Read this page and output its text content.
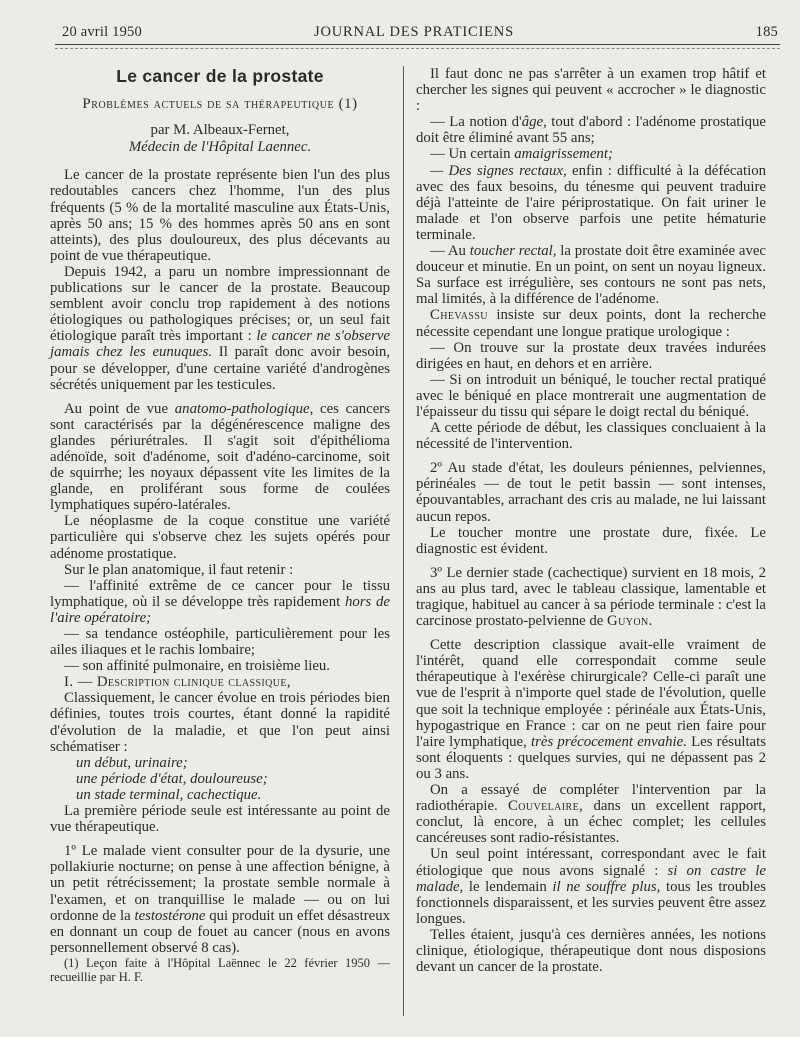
20 avril 1950	JOURNAL DES PRATICIENS	185
Le cancer de la prostate
Problèmes actuels de sa thérapeutique (1)
par M. Albeaux-Fernet,
Médecin de l'Hôpital Laennec.

Le cancer de la prostate représente bien l'un des plus redoutables cancers chez l'homme, l'un des plus fréquents (5 % de la mortalité masculine aux États-Unis, après 50 ans; 15 % des hommes après 50 ans en sont atteints), des plus douloureux, des plus décevants au point de vue thérapeutique.

Depuis 1942, a paru un nombre impressionnant de publications sur le cancer de la prostate. Beaucoup semblent avoir conclu trop rapidement à des notions étiologiques ou pathologiques précises; or, un seul fait étiologique paraît très important : le cancer ne s'observe jamais chez les eunuques. Il paraît donc avoir besoin, pour se développer, d'une certaine variété d'androgènes sécrétés uniquement par les testicules.

Au point de vue anatomo-pathologique, ces cancers sont caractérisés par la dégénérescence maligne des glandes périurétrales. Il s'agit soit d'épithélioma adénoïde, soit d'adénome, soit d'adéno-carcinome, soit de squirrhe; les noyaux dépassent vite les limites de la glande, en proliférant sous forme de coulées lymphatiques supéro-latérales.

Le néoplasme de la coque constitue une variété particulière qui s'observe chez les sujets opérés pour adénome prostatique.

Sur le plan anatomique, il faut retenir :

— l'affinité extrême de ce cancer pour le tissu lymphatique, où il se développe très rapidement hors de l'aire opératoire;

— sa tendance ostéophile, particulièrement pour les ailes iliaques et le rachis lombaire;

— son affinité pulmonaire, en troisième lieu.

I. — Description clinique classique,

Classiquement, le cancer évolue en trois périodes bien définies, toutes trois courtes, étant donné la rapidité d'évolution de la maladie, et que l'on peut ainsi schématiser :

un début, urinaire;

une période d'état, douloureuse;

un stade terminal, cachectique.

La première période seule est intéressante au point de vue thérapeutique.

1º Le malade vient consulter pour de la dysurie, une pollakiurie nocturne; on pense à une affection bénigne, à un petit rétrécissement; la prostate semble normale à l'examen, et on tranquillise le malade — ou on lui ordonne de la testostérone qui produit un effet désastreux en donnant un coup de fouet au cancer (nous en avons personnellement observé 8 cas).

(1) Leçon faite à l'Hôpital Laënnec le 22 février 1950 — recueillie par H. F.

Il faut donc ne pas s'arrêter à un examen trop hâtif et chercher les signes qui peuvent « accrocher » le diagnostic :

— La notion d'âge, tout d'abord : l'adénome prostatique doit être éliminé avant 55 ans;

— Un certain amaigrissement;

— Des signes rectaux, enfin : difficulté à la défécation avec des faux besoins, du ténesme qui peuvent traduire déjà l'atteinte de l'aire périprostatique. On fait uriner le malade et l'on observe parfois une petite hématurie terminale.

— Au toucher rectal, la prostate doit être examinée avec douceur et minutie. En un point, on sent un noyau ligneux. Sa surface est irrégulière, ses contours ne sont pas nets, mal limités, à la différence de l'adénome.

Chevassu insiste sur deux points, dont la recherche nécessite cependant une longue pratique urologique :

— On trouve sur la prostate deux travées indurées dirigées en haut, en dehors et en arrière.

— Si on introduit un béniqué, le toucher rectal pratiqué avec le béniqué en place montrerait une augmentation de l'épaisseur du tissu qui sépare le doigt rectal du béniqué.

A cette période de début, les classiques concluaient à la nécessité de l'intervention.

2º Au stade d'état, les douleurs péniennes, pelviennes, périnéales — de tout le petit bassin — sont intenses, épouvantables, arrachant des cris au malade, ne lui laissant aucun repos.

Le toucher montre une prostate dure, fixée. Le diagnostic est évident.

3º Le dernier stade (cachectique) survient en 18 mois, 2 ans au plus tard, avec le tableau classique, lamentable et tragique, habituel au cancer à sa période terminale : c'est la carcinose prostato-pelvienne de Guyon.

Cette description classique avait-elle vraiment de l'intérêt, quand elle correspondait comme seule thérapeutique à l'exérèse chirurgicale? Celle-ci paraît une vue de l'esprit à n'importe quel stade de l'évolution, quelle que soit la technique employée : périnéale aux États-Unis, hypogastrique en France : car on ne peut rien faire pour l'aire lymphatique, très précocement envahie. Les résultats sont éloquents : quelques survies, qui ne dépassent pas 2 ou 3 ans.

On a essayé de compléter l'intervention par la radiothérapie. Couvelaire, dans un excellent rapport, conclut, là encore, à un échec complet; les cellules cancéreuses sont radio-résistantes.

Un seul point intéressant, correspondant avec le fait étiologique que nous avons signalé : si on castre le malade, le lendemain il ne souffre plus, tous les troubles fonctionnels disparaissent, et les survies peuvent être assez longues.

Telles étaient, jusqu'à ces dernières années, les notions clinique, étiologique, thérapeutique dont nous disposions devant un cancer de la prostate.
